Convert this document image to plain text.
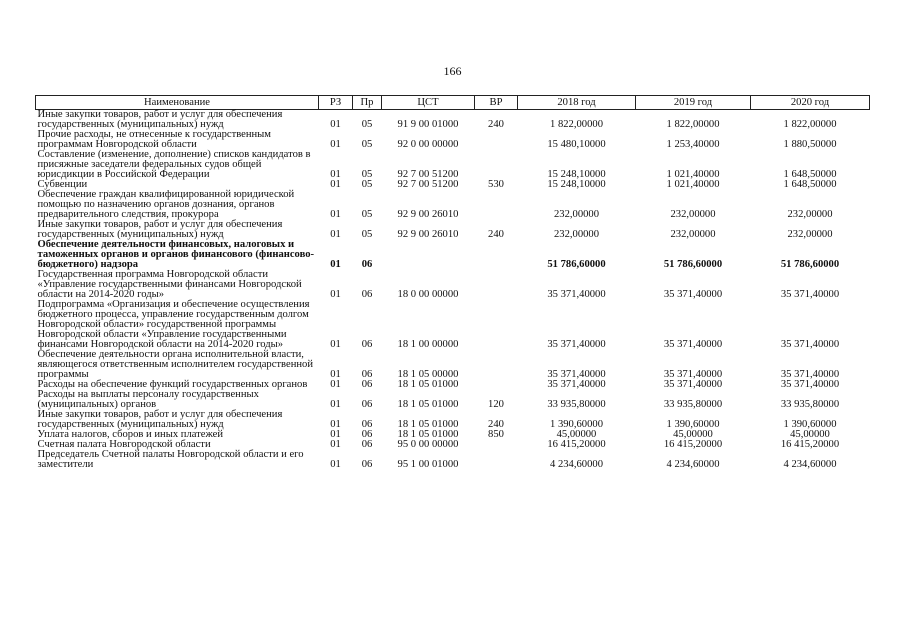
166
Наименование	РЗ	Пр	ЦСТ	ВР	2018 год	2019 год	2020 год
Иные закупки товаров, работ и услуг для обеспечения государственных (муниципальных) нужд	01	05	91 9 00 01000	240	1 822,00000	1 822,00000	1 822,00000
Прочие расходы, не отнесенные к государственным программам Новгородской области	01	05	92 0 00 00000		15 480,10000	1 253,40000	1 880,50000
Составление (изменение, дополнение) списков кандидатов в присяжные заседатели федеральных судов общей юрисдикции в Российской Федерации	01	05	92 7 00 51200		15 248,10000	1 021,40000	1 648,50000
Субвенции	01	05	92 7 00 51200	530	15 248,10000	1 021,40000	1 648,50000
Обеспечение граждан квалифицированной юридической помощью по назначению органов дознания, органов предварительного следствия, прокурора	01	05	92 9 00 26010		232,00000	232,00000	232,00000
Иные закупки товаров, работ и услуг для обеспечения государственных (муниципальных) нужд	01	05	92 9 00 26010	240	232,00000	232,00000	232,00000
Обеспечение деятельности финансовых, налоговых и таможенных органов и органов финансового (финансово-бюджетного) надзора	01	06			51 786,60000	51 786,60000	51 786,60000
Государственная программа Новгородской области «Управление государственными финансами Новгородской области на 2014-2020 годы»	01	06	18 0 00 00000		35 371,40000	35 371,40000	35 371,40000
Подпрограмма «Организация и обеспечение осуществления бюджетного процесса, управление государственным долгом Новгородской области» государственной программы Новгородской области «Управление государственными финансами Новгородской области на 2014-2020 годы»	01	06	18 1 00 00000		35 371,40000	35 371,40000	35 371,40000
Обеспечение деятельности органа исполнительной власти, являющегося ответственным исполнителем государственной программы	01	06	18 1 05 00000		35 371,40000	35 371,40000	35 371,40000
Расходы на обеспечение функций государственных органов	01	06	18 1 05 01000		35 371,40000	35 371,40000	35 371,40000
Расходы на выплаты персоналу государственных (муниципальных) органов	01	06	18 1 05 01000	120	33 935,80000	33 935,80000	33 935,80000
Иные закупки товаров, работ и услуг для обеспечения государственных (муниципальных) нужд	01	06	18 1 05 01000	240	1 390,60000	1 390,60000	1 390,60000
Уплата налогов, сборов и иных платежей	01	06	18 1 05 01000	850	45,00000	45,00000	45,00000
Счетная палата Новгородской области	01	06	95 0 00 00000		16 415,20000	16 415,20000	16 415,20000
Председатель Счетной палаты Новгородской области и его заместители	01	06	95 1 00 01000		4 234,60000	4 234,60000	4 234,60000
